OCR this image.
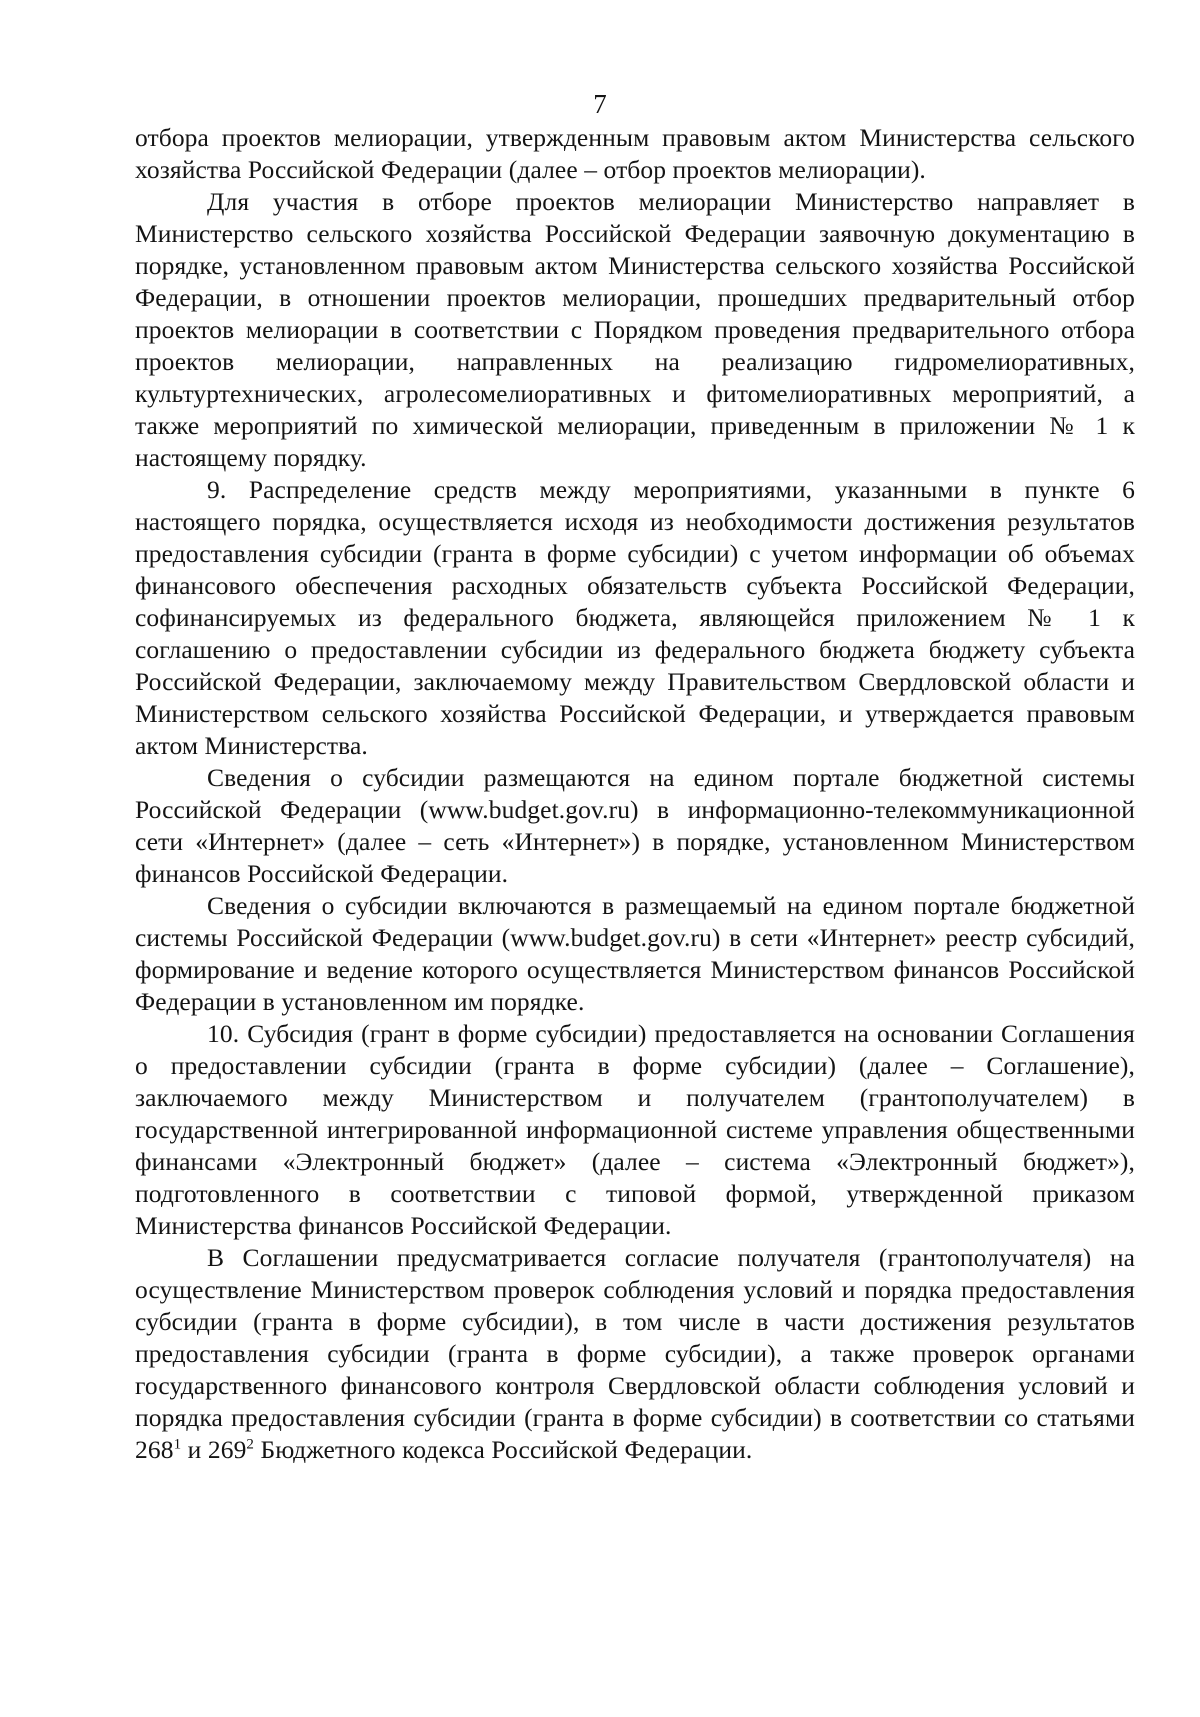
7

отбора проектов мелиорации, утвержденным правовым актом Министерства сельского хозяйства Российской Федерации (далее – отбор проектов мелиорации).

Для участия в отборе проектов мелиорации Министерство направляет в Министерство сельского хозяйства Российской Федерации заявочную документацию в порядке, установленном правовым актом Министерства сельского хозяйства Российской Федерации, в отношении проектов мелиорации, прошедших предварительный отбор проектов мелиорации в соответствии с Порядком проведения предварительного отбора проектов мелиорации, направленных на реализацию гидромелиоративных, культуртехнических, агролесомелиоративных и фитомелиоративных мероприятий, а также мероприятий по химической мелиорации, приведенным в приложении № 1 к настоящему порядку.

9. Распределение средств между мероприятиями, указанными в пункте 6 настоящего порядка, осуществляется исходя из необходимости достижения результатов предоставления субсидии (гранта в форме субсидии) с учетом информации об объемах финансового обеспечения расходных обязательств субъекта Российской Федерации, софинансируемых из федерального бюджета, являющейся приложением № 1 к соглашению о предоставлении субсидии из федерального бюджета бюджету субъекта Российской Федерации, заключаемому между Правительством Свердловской области и Министерством сельского хозяйства Российской Федерации, и утверждается правовым актом Министерства.

Сведения о субсидии размещаются на едином портале бюджетной системы Российской Федерации (www.budget.gov.ru) в информационно-телекоммуникационной сети «Интернет» (далее – сеть «Интернет») в порядке, установленном Министерством финансов Российской Федерации.

Сведения о субсидии включаются в размещаемый на едином портале бюджетной системы Российской Федерации (www.budget.gov.ru) в сети «Интернет» реестр субсидий, формирование и ведение которого осуществляется Министерством финансов Российской Федерации в установленном им порядке.

10. Субсидия (грант в форме субсидии) предоставляется на основании Соглашения о предоставлении субсидии (гранта в форме субсидии) (далее – Соглашение), заключаемого между Министерством и получателем (грантополучателем) в государственной интегрированной информационной системе управления общественными финансами «Электронный бюджет» (далее – система «Электронный бюджет»), подготовленного в соответствии с типовой формой, утвержденной приказом Министерства финансов Российской Федерации.

В Соглашении предусматривается согласие получателя (грантополучателя) на осуществление Министерством проверок соблюдения условий и порядка предоставления субсидии (гранта в форме субсидии), в том числе в части достижения результатов предоставления субсидии (гранта в форме субсидии), а также проверок органами государственного финансового контроля Свердловской области соблюдения условий и порядка предоставления субсидии (гранта в форме субсидии) в соответствии со статьями $268^1$ и $269^2$ Бюджетного кодекса Российской Федерации.
